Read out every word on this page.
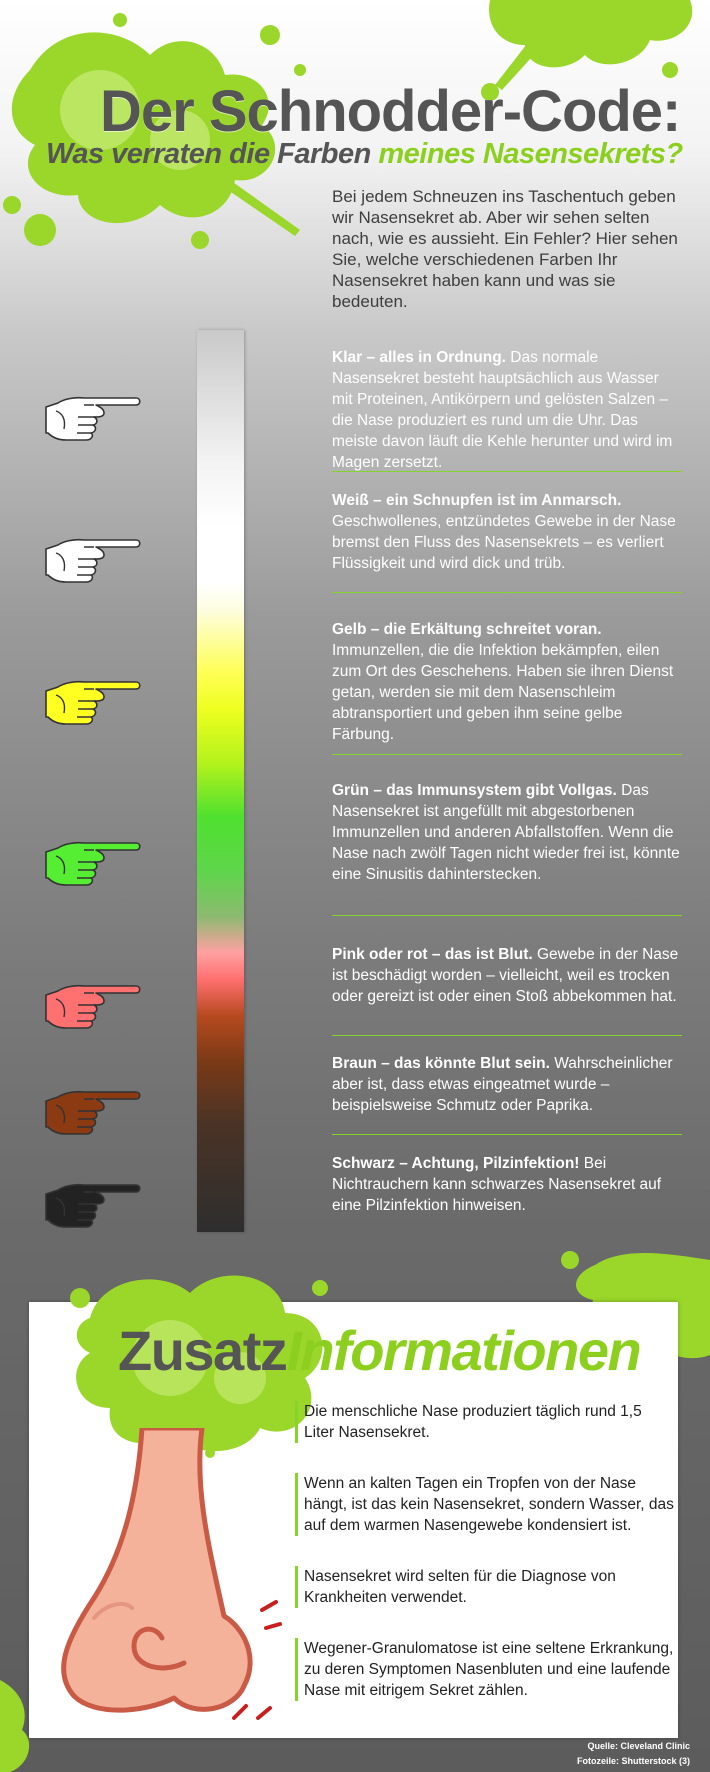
Der Schnodder-Code:
Was verraten die Farben meines Nasensekrets?

Bei jedem Schneuzen ins Taschentuch geben wir Nasensekret ab. Aber wir sehen selten nach, wie es aussieht. Ein Fehler? Hier sehen Sie, welche verschiedenen Farben Ihr Nasensekret haben kann und was sie bedeuten.

Klar – alles in Ordnung. Das normale Nasensekret besteht hauptsächlich aus Wasser mit Proteinen, Antikörpern und gelösten Salzen – die Nase produziert es rund um die Uhr. Das meiste davon läuft die Kehle herunter und wird im Magen zersetzt.
Weiß – ein Schnupfen ist im Anmarsch. Geschwollenes, entzündetes Gewebe in der Nase bremst den Fluss des Nasensekrets – es verliert Flüssigkeit und wird dick und trüb.
Gelb – die Erkältung schreitet voran. Immunzellen, die die Infektion bekämpfen, eilen zum Ort des Geschehens. Haben sie ihren Dienst getan, werden sie mit dem Nasenschleim abtransportiert und geben ihm seine gelbe Färbung.
Grün – das Immunsystem gibt Vollgas. Das Nasensekret ist angefüllt mit abgestorbenen Immunzellen und anderen Abfallstoffen. Wenn die Nase nach zwölf Tagen nicht wieder frei ist, könnte eine Sinusitis dahinterstecken.
Pink oder rot – das ist Blut. Gewebe in der Nase ist beschädigt worden – vielleicht, weil es trocken oder gereizt ist oder einen Stoß abbekommen hat.
Braun – das könnte Blut sein. Wahrscheinlicher aber ist, dass etwas eingeatmet wurde – beispielsweise Schmutz oder Paprika.
Schwarz – Achtung, Pilzinfektion! Bei Nichtrauchern kann schwarzes Nasensekret auf eine Pilzinfektion hinweisen.
ZusatzInformationen
Die menschliche Nase produziert täglich rund 1,5 Liter Nasensekret.
Wenn an kalten Tagen ein Tropfen von der Nase hängt, ist das kein Nasensekret, sondern Wasser, das auf dem warmen Nasengewebe kondensiert ist.
Nasensekret wird selten für die Diagnose von Krankheiten verwendet.
Wegener-Granulomatose ist eine seltene Erkrankung, zu deren Symptomen Nasenbluten und eine laufende Nase mit eitrigem Sekret zählen.
Quelle: Cleveland Clinic
Fotozeile: Shutterstock (3)
